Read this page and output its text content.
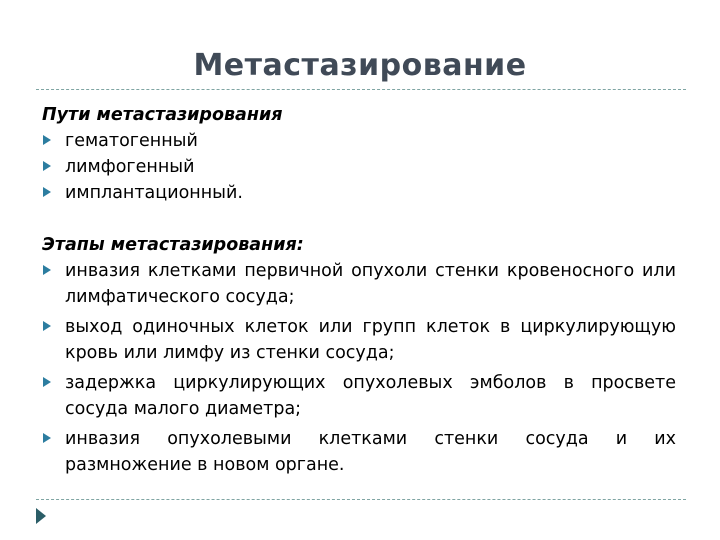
Метастазирование

Пути метастазирования

гематогенный
лимфогенный
имплантационный.

Этапы метастазирования:

инвазия клетками первичной опухоли стенки кровеносного или лимфатического сосуда;
выход одиночных клеток или групп клеток в циркулирующую кровь или лимфу из стенки сосуда;
задержка циркулирующих опухолевых эмболов в просвете сосуда малого диаметра;
инвазия опухолевыми клетками стенки сосуда и их размножение в новом органе.
